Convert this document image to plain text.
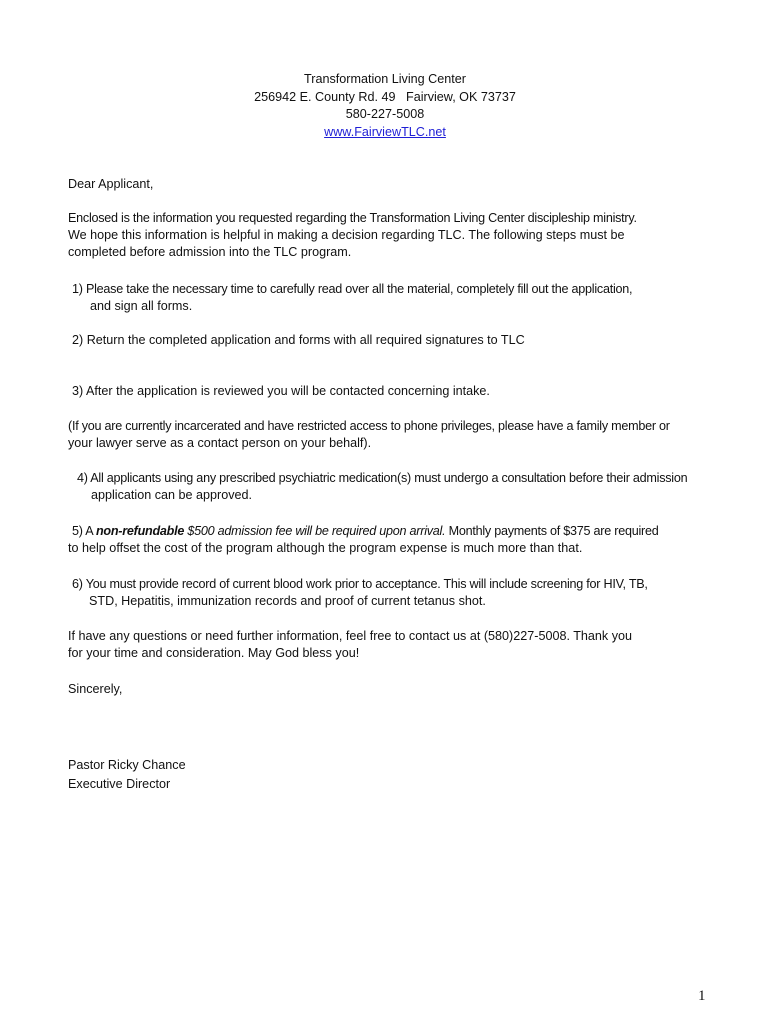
Transformation Living Center
256942 E. County Rd. 49   Fairview, OK 73737
580-227-5008
www.FairviewTLC.net
Dear Applicant,
Enclosed is the information you requested regarding the Transformation Living Center discipleship ministry.
We hope this information is helpful in making a decision regarding TLC. The following steps must be
completed before admission into the TLC program.
1) Please take the necessary time to carefully read over all the material, completely fill out the application,
and sign all forms.
2) Return the completed application and forms with all required signatures to TLC
3) After the application is reviewed you will be contacted concerning intake.
(If you are currently incarcerated and have restricted access to phone privileges, please have a family member or
your lawyer serve as a contact person on your behalf).
4) All applicants using any prescribed psychiatric medication(s) must undergo a consultation before their admission
application can be approved.
5) A non-refundable $500 admission fee will be required upon arrival. Monthly payments of $375 are required
to help offset the cost of the program although the program expense is much more than that.
6) You must provide record of current blood work prior to acceptance. This will include screening for HIV, TB,
STD, Hepatitis, immunization records and proof of current tetanus shot.
If have any questions or need further information, feel free to contact us at (580)227-5008. Thank you
for your time and consideration. May God bless you!
Sincerely,
Pastor Ricky Chance
Executive Director
1
